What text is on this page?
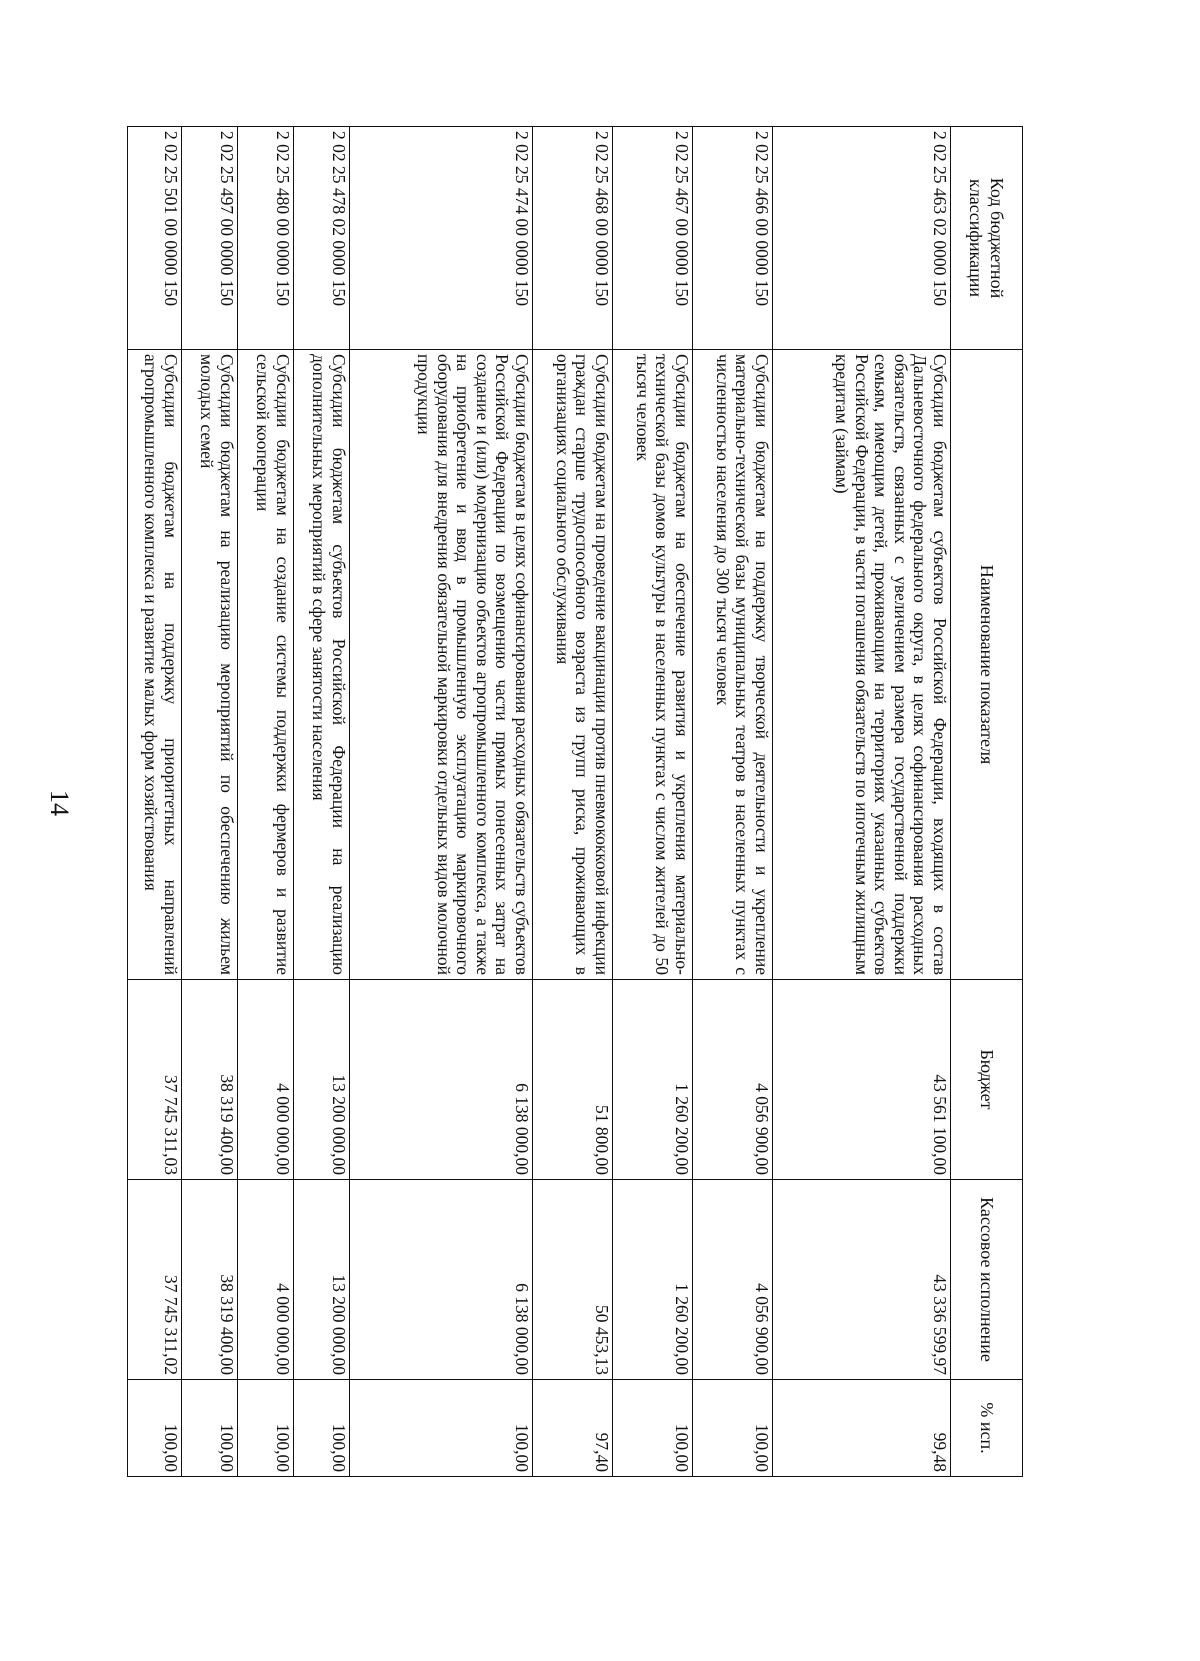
14
Код бюджетной классификации	Наименование показателя	Бюджет	Кассовое исполнение	% исп.
2 02 25 463 02 0000 150	Субсидии бюджетам субъектов Российской Федерации, входящих в состав Дальневосточного федерального округа, в целях софинансирования расходных обязательств, связанных с увеличением размера государственной поддержки семьям, имеющим детей, проживающим на территориях указанных субъектов Российской Федерации, в части погашения обязательств по ипотечным жилищным кредитам (займам)	43 561 100,00	43 336 599,97	99,48
2 02 25 466 00 0000 150	Субсидии бюджетам на поддержку творческой деятельности и укрепление материально-технической базы муниципальных театров в населенных пунктах с численностью населения до 300 тысяч человек	4 056 900,00	4 056 900,00	100,00
2 02 25 467 00 0000 150	Субсидии бюджетам на обеспечение развития и укрепления материально-технической базы домов культуры в населенных пунктах с числом жителей до 50 тысяч человек	1 260 200,00	1 260 200,00	100,00
2 02 25 468 00 0000 150	Субсидии бюджетам на проведение вакцинации против пневмококковой инфекции граждан старше трудоспособного возраста из групп риска, проживающих в организациях социального обслуживания	51 800,00	50 453,13	97,40
2 02 25 474 00 0000 150	Субсидии бюджетам в целях софинансирования расходных обязательств субъектов Российской Федерации по возмещению части прямых понесенных затрат на создание и (или) модернизацию объектов агропромышленного комплекса, а также на приобретение и ввод в промышленную эксплуатацию маркировочного оборудования для внедрения обязательной маркировки отдельных видов молочной продукции	6 138 000,00	6 138 000,00	100,00
2 02 25 478 02 0000 150	Субсидии бюджетам субъектов Российской Федерации на реализацию дополнительных мероприятий в сфере занятости населения	13 200 000,00	13 200 000,00	100,00
2 02 25 480 00 0000 150	Субсидии бюджетам на создание системы поддержки фермеров и развитие сельской кооперации	4 000 000,00	4 000 000,00	100,00
2 02 25 497 00 0000 150	Субсидии бюджетам на реализацию мероприятий по обеспечению жильем молодых семей	38 319 400,00	38 319 400,00	100,00
2 02 25 501 00 0000 150	Субсидии бюджетам на поддержку приоритетных направлений агропромышленного комплекса и развитие малых форм хозяйствования	37 745 311,03	37 745 311,02	100,00
